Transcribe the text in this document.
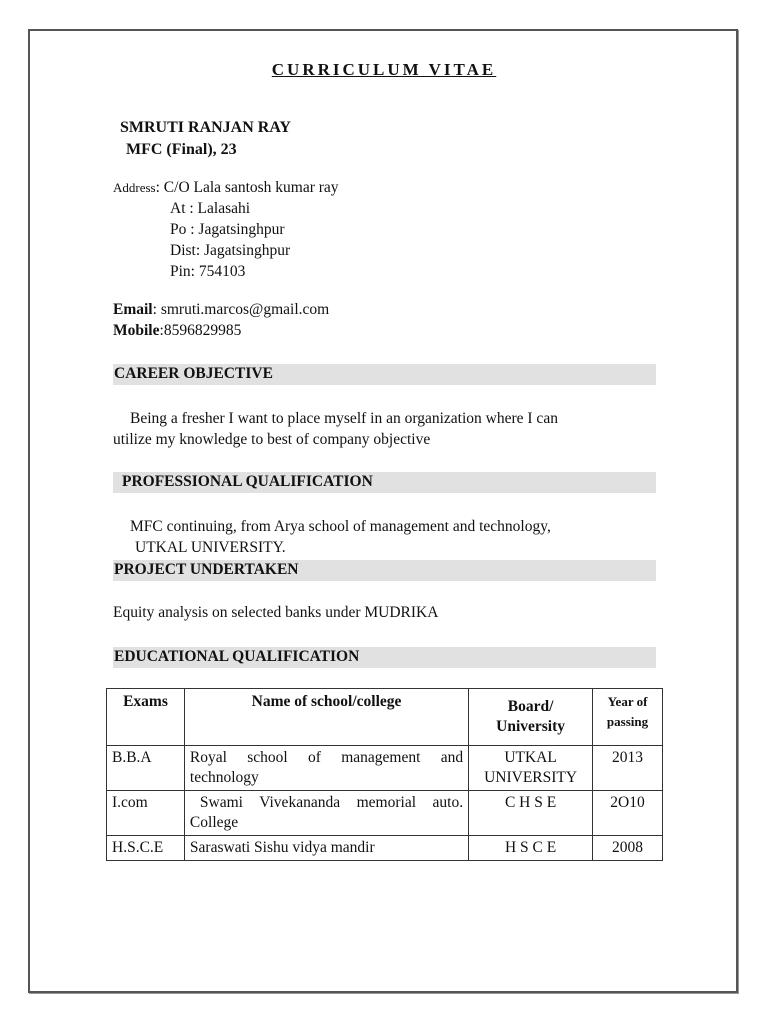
CURRICULUM VITAE
SMRUTI RANJAN RAY
MFC (Final), 23
Address: C/O Lala santosh kumar ray
At : Lalasahi
Po : Jagatsinghpur
Dist: Jagatsinghpur
Pin: 754103
Email: smruti.marcos@gmail.com
Mobile:8596829985
CAREER OBJECTIVE
Being a fresher I want to place myself in an organization where I can
utilize my knowledge to best of company objective
PROFESSIONAL QUALIFICATION
MFC continuing, from Arya school of management and technology,
UTKAL UNIVERSITY.
PROJECT UNDERTAKEN
Equity analysis on selected banks under MUDRIKA
EDUCATIONAL QUALIFICATION
Exams	Name of school/college	Board/ University	Year of passing
B.B.A	Royal school of management and technology	UTKAL UNIVERSITY	2013
I.com	Swami Vivekananda memorial auto. College	C H S E	2O10
H.S.C.E	Saraswati Sishu vidya mandir	H S C E	2008
